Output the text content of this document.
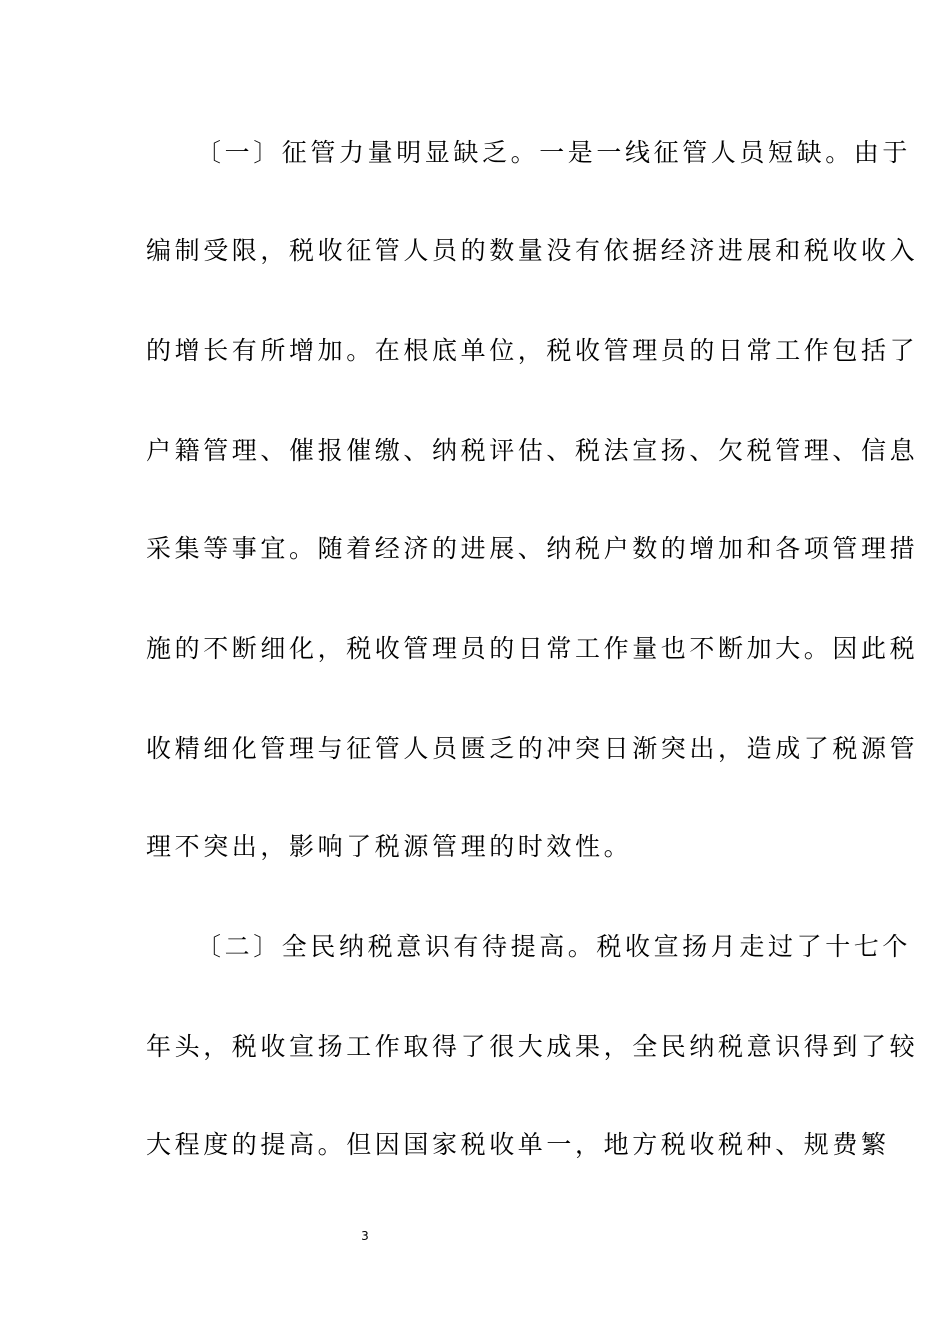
〔一〕征管力量明显缺乏。一是一线征管人员短缺。由于
编制受限，税收征管人员的数量没有依据经济进展和税收收入
的增长有所增加。在根底单位，税收管理员的日常工作包括了
户籍管理、催报催缴、纳税评估、税法宣扬、欠税管理、信息
采集等事宜。随着经济的进展、纳税户数的增加和各项管理措
施的不断细化，税收管理员的日常工作量也不断加大。因此税
收精细化管理与征管人员匮乏的冲突日渐突出，造成了税源管
理不突出，影响了税源管理的时效性。
〔二〕全民纳税意识有待提高。税收宣扬月走过了十七个
年头，税收宣扬工作取得了很大成果，全民纳税意识得到了较
大程度的提高。但因国家税收单一，地方税收税种、规费繁
3
